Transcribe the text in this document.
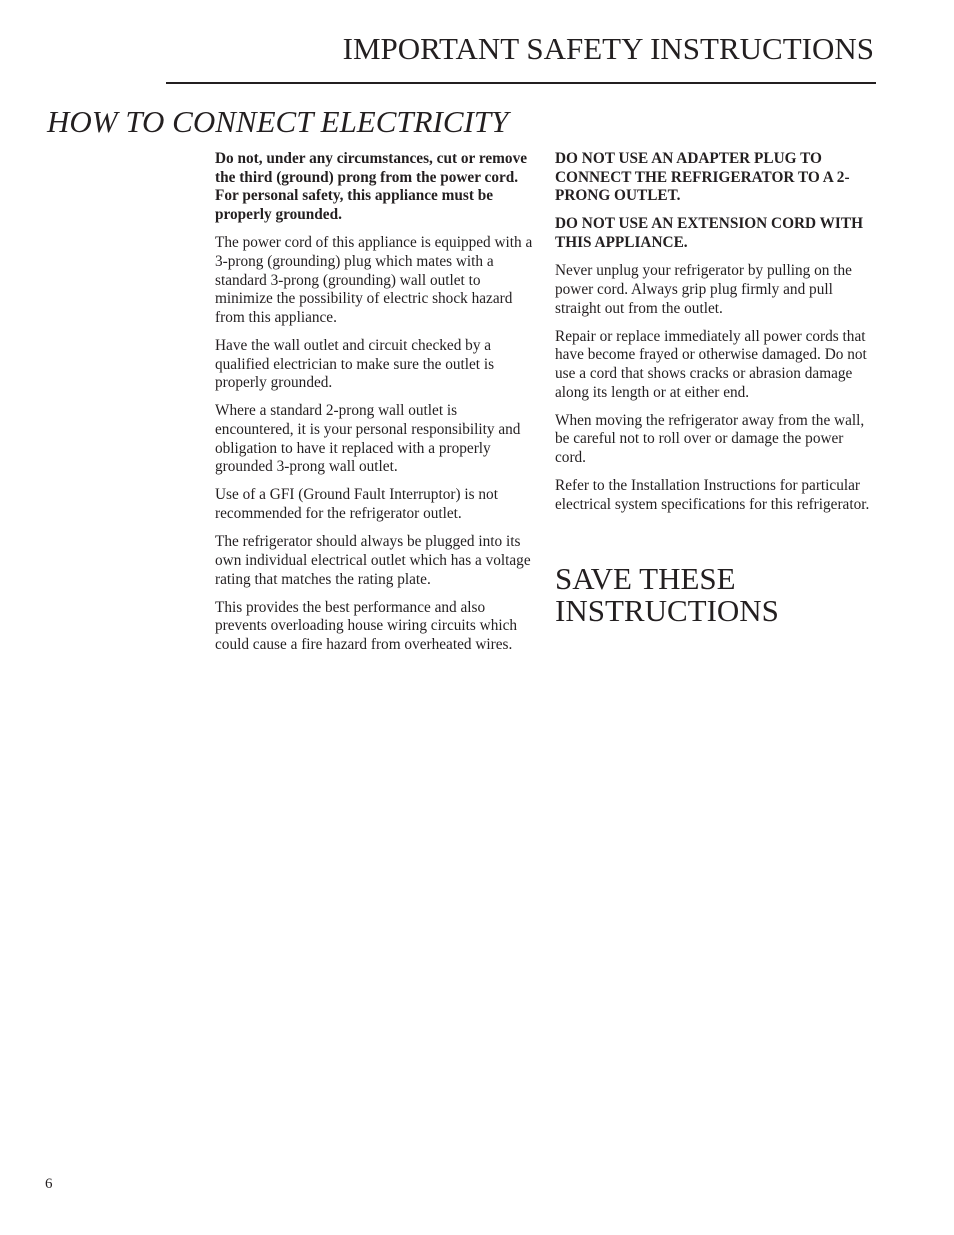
IMPORTANT SAFETY INSTRUCTIONS
HOW TO CONNECT ELECTRICITY

Do not, under any circumstances, cut or remove the third (ground) prong from the power cord. For personal safety, this appliance must be properly grounded.

The power cord of this appliance is equipped with a 3-prong (grounding) plug which mates with a standard 3-prong (grounding) wall outlet to minimize the possibility of electric shock hazard from this appliance.

Have the wall outlet and circuit checked by a qualified electrician to make sure the outlet is properly grounded.

Where a standard 2-prong wall outlet is encountered, it is your personal responsibility and obligation to have it replaced with a properly grounded 3-prong wall outlet.

Use of a GFI (Ground Fault Interruptor) is not recommended for the refrigerator outlet.

The refrigerator should always be plugged into its own individual electrical outlet which has a voltage rating that matches the rating plate.

This provides the best performance and also prevents overloading house wiring circuits which could cause a fire hazard from overheated wires.

DO NOT USE AN ADAPTER PLUG TO CONNECT THE REFRIGERATOR TO A 2-PRONG OUTLET.

DO NOT USE AN EXTENSION CORD WITH THIS APPLIANCE.

Never unplug your refrigerator by pulling on the power cord. Always grip plug firmly and pull straight out from the outlet.

Repair or replace immediately all power cords that have become frayed or otherwise damaged. Do not use a cord that shows cracks or abrasion damage along its length or at either end.

When moving the refrigerator away from the wall, be careful not to roll over or damage the power cord.

Refer to the Installation Instructions for particular electrical system specifications for this refrigerator.

SAVE THESE
INSTRUCTIONS
6
